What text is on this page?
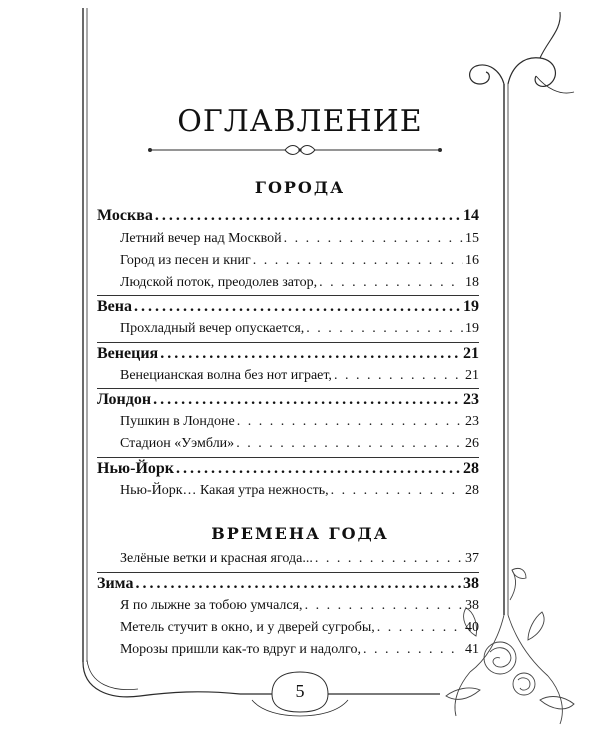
ОГЛАВЛЕНИЕ
ГОРОДА
Москва .....	14
Летний вечер над Москвой . . .	15
Город из песен и книг . . .	16
Людской поток, преодолев затор, . . .	18
Вена .....	19
Прохладный вечер опускается, . . .	19
Венеция .....	21
Венецианская волна без нот играет, . . .	21
Лондон .....	23
Пушкин в Лондоне . . .	23
Стадион «Уэмбли» . . .	26
Нью-Йорк .....	28
Нью-Йорк… Какая утра нежность, . . .	28
ВРЕМЕНА ГОДА
Зелёные ветки и красная ягода... . . .	37
Зима .....	38
Я по лыжне за тобою умчался, . . .	38
Метель стучит в окно, и у дверей сугробы, . . .	40
Морозы пришли как-то вдруг и надолго, . . .	41
5
